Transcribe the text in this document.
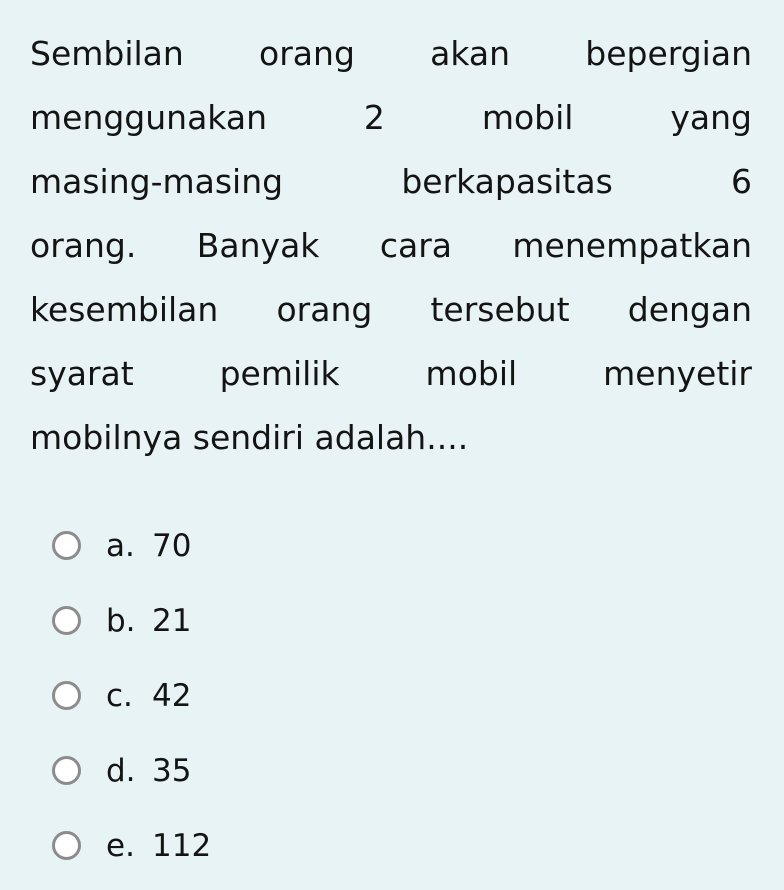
Sembilan orang akan bepergian
menggunakan 2 mobil yang
masing-masing berkapasitas 6
orang. Banyak cara menempatkan
kesembilan orang tersebut dengan
syarat pemilik mobil menyetir
mobilnya sendiri adalah....
a. 70
b. 21
c. 42
d. 35
e. 112
